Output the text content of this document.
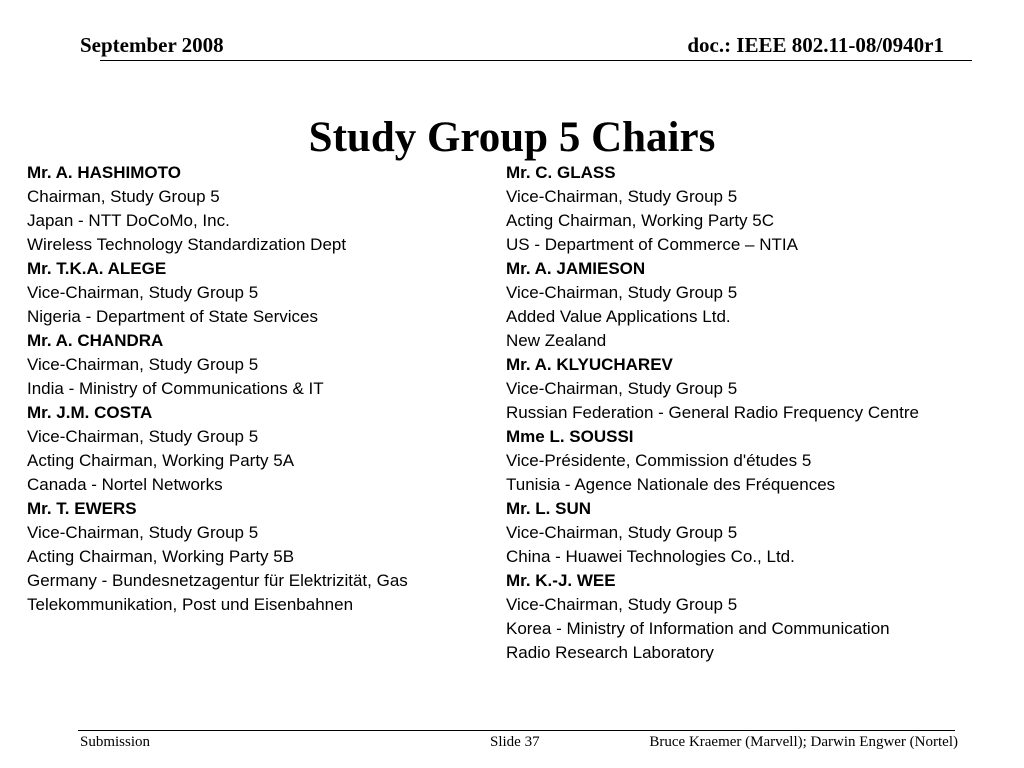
September 2008	doc.: IEEE 802.11-08/0940r1
Study Group 5 Chairs
Mr. A. HASHIMOTO
Chairman, Study Group 5
Japan - NTT DoCoMo, Inc.
Wireless Technology Standardization Dept
Mr. T.K.A. ALEGE
Vice-Chairman, Study Group 5
Nigeria - Department of State Services
Mr. A. CHANDRA
Vice-Chairman, Study Group 5
India - Ministry of Communications & IT
Mr. J.M. COSTA
Vice-Chairman, Study Group 5
Acting Chairman, Working Party 5A
Canada - Nortel Networks
Mr. T. EWERS
Vice-Chairman, Study Group 5
Acting Chairman, Working Party 5B
Germany - Bundesnetzagentur für Elektrizität, Gas
Telekommunikation, Post und Eisenbahnen
Mr. C. GLASS
Vice-Chairman, Study Group 5
Acting Chairman, Working Party 5C
US - Department of Commerce – NTIA
Mr. A. JAMIESON
Vice-Chairman, Study Group 5
Added Value Applications Ltd.
New Zealand
Mr. A. KLYUCHAREV
Vice-Chairman, Study Group 5
Russian Federation - General Radio Frequency Centre
Mme L. SOUSSI
Vice-Présidente, Commission d'études 5
Tunisia - Agence Nationale des Fréquences
Mr. L. SUN
Vice-Chairman, Study Group 5
China - Huawei Technologies Co., Ltd.
Mr. K.-J. WEE
Vice-Chairman, Study Group 5
Korea - Ministry of Information and Communication
Radio Research Laboratory
Submission	Slide 37	Bruce Kraemer (Marvell); Darwin Engwer (Nortel)
